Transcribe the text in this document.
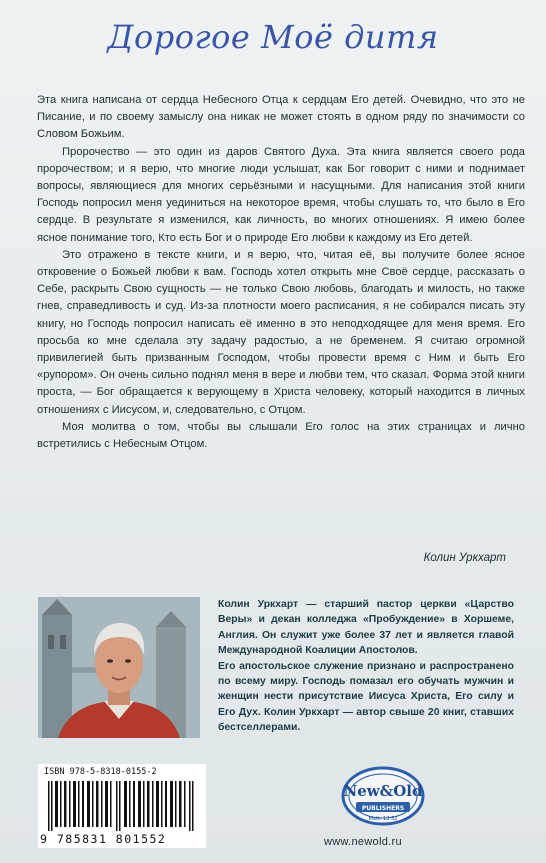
Дорогое Моё дитя

Эта книга написана от сердца Небесного Отца к сердцам Его детей. Очевидно, что это не Писание, и по своему замыслу она никак не может стоять в одном ряду по значимости со Словом Божьим.

Пророчество — это один из даров Святого Духа. Эта книга является своего рода пророчеством; и я верю, что многие люди услышат, как Бог говорит с ними и поднимает вопросы, являющиеся для многих серьёзными и насущными. Для написания этой книги Господь попросил меня уединиться на некоторое время, чтобы слушать то, что было в Его сердце. В результате я изменился, как личность, во многих отношениях. Я имею более ясное понимание того, Кто есть Бог и о природе Его любви к каждому из Его детей.

Это отражено в тексте книги, и я верю, что, читая её, вы получите более ясное откровение о Божьей любви к вам. Господь хотел открыть мне Своё сердце, рассказать о Себе, раскрыть Свою сущность — не только Свою любовь, благодать и милость, но также гнев, справедливость и суд. Из-за плотности моего расписания, я не собирался писать эту книгу, но Господь попросил написать её именно в это неподходящее для меня время. Его просьба ко мне сделала эту задачу радостью, а не бременем. Я считаю огромной привилегией быть призванным Господом, чтобы провести время с Ним и быть Его «рупором». Он очень сильно поднял меня в вере и любви тем, что сказал. Форма этой книги проста, — Бог обращается к верующему в Христа человеку, который находится в личных отношениях с Иисусом, и, следовательно, с Отцом.

Моя молитва о том, чтобы вы слышали Его голос на этих страницах и лично встретились с Небесным Отцом.

Колин Уркхарт

Колин Уркхарт — старший пастор церкви «Царство Веры» и декан колледжа «Пробуждение» в Хоршеме, Англия. Он служит уже более 37 лет и является главой Международной Коалиции Апостолов.

Его апостольское служение признано и распространено по всему миру. Господь помазал его обучать мужчин и женщин нести присутствие Иисуса Христа, Его силу и Его Дух. Колин Уркхарт — автор свыше 20 книг, ставших бестселлерами.

ISBN 978-5-8318-0155-2
9 785831 801552
New&Old
PUBLISHERS
Matt. 13:52
www.newold.ru
